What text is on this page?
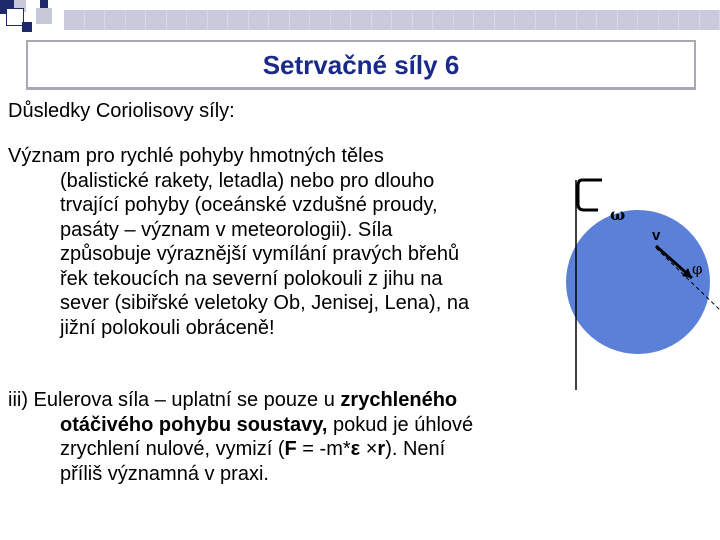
Setrvačné síly 6
Důsledky Coriolisovy síly:
Význam pro rychlé pohyby hmotných těles
(balistické rakety, letadla) nebo pro dlouho
trvající pohyby (oceánské vzdušné proudy,
pasáty – význam v meteorologii). Síla
způsobuje výraznější vymílání pravých břehů
řek tekoucích na severní polokouli z jihu na
sever (sibiřské veletoky Ob, Jenisej, Lena), na
jižní polokouli obráceně!
iii) Eulerova síla – uplatní se pouze u zrychleného
otáčivého pohybu soustavy, pokud je úhlové
zrychlení nulové, vymizí (F = -m*ε ×r). Není
příliš významná v praxi.
ω
v
φ
